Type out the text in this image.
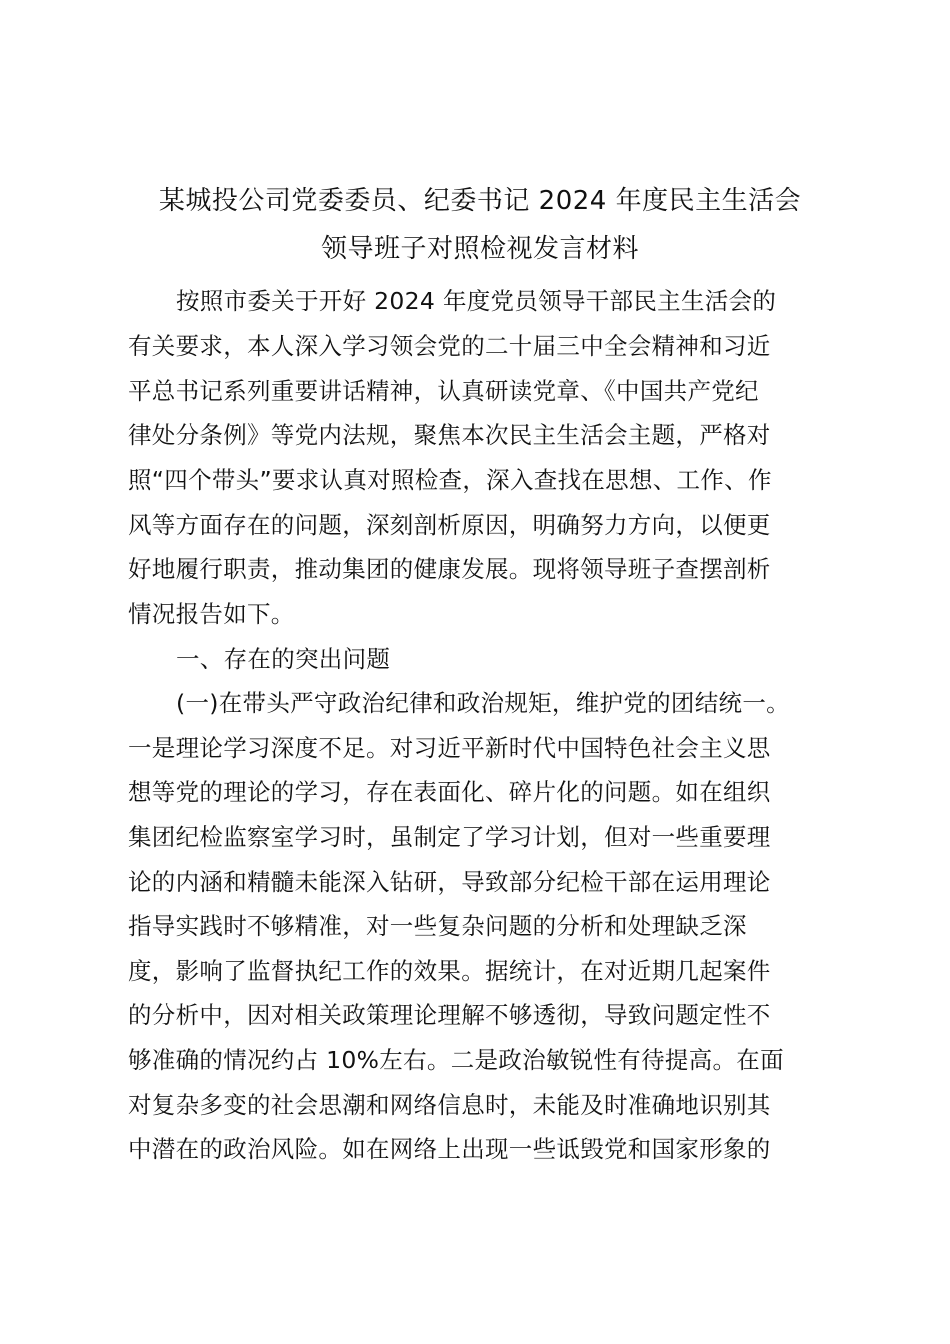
某城投公司党委委员、纪委书记 2024 年度民主生活会
领导班子对照检视发言材料
按照市委关于开好 2024 年度党员领导干部民主生活会的
有关要求，本人深入学习领会党的二十届三中全会精神和习近
平总书记系列重要讲话精神，认真研读党章、《中国共产党纪
律处分条例》等党内法规，聚焦本次民主生活会主题，严格对
照“四个带头”要求认真对照检查，深入查找在思想、工作、作
风等方面存在的问题，深刻剖析原因，明确努力方向，以便更
好地履行职责，推动集团的健康发展。现将领导班子查摆剖析
情况报告如下。
一、存在的突出问题
(一)在带头严守政治纪律和政治规矩，维护党的团结统一。
一是理论学习深度不足。对习近平新时代中国特色社会主义思
想等党的理论的学习，存在表面化、碎片化的问题。如在组织
集团纪检监察室学习时，虽制定了学习计划，但对一些重要理
论的内涵和精髓未能深入钻研，导致部分纪检干部在运用理论
指导实践时不够精准，对一些复杂问题的分析和处理缺乏深
度，影响了监督执纪工作的效果。据统计，在对近期几起案件
的分析中，因对相关政策理论理解不够透彻，导致问题定性不
够准确的情况约占 10%左右。二是政治敏锐性有待提高。在面
对复杂多变的社会思潮和网络信息时，未能及时准确地识别其
中潜在的政治风险。如在网络上出现一些诋毁党和国家形象的
